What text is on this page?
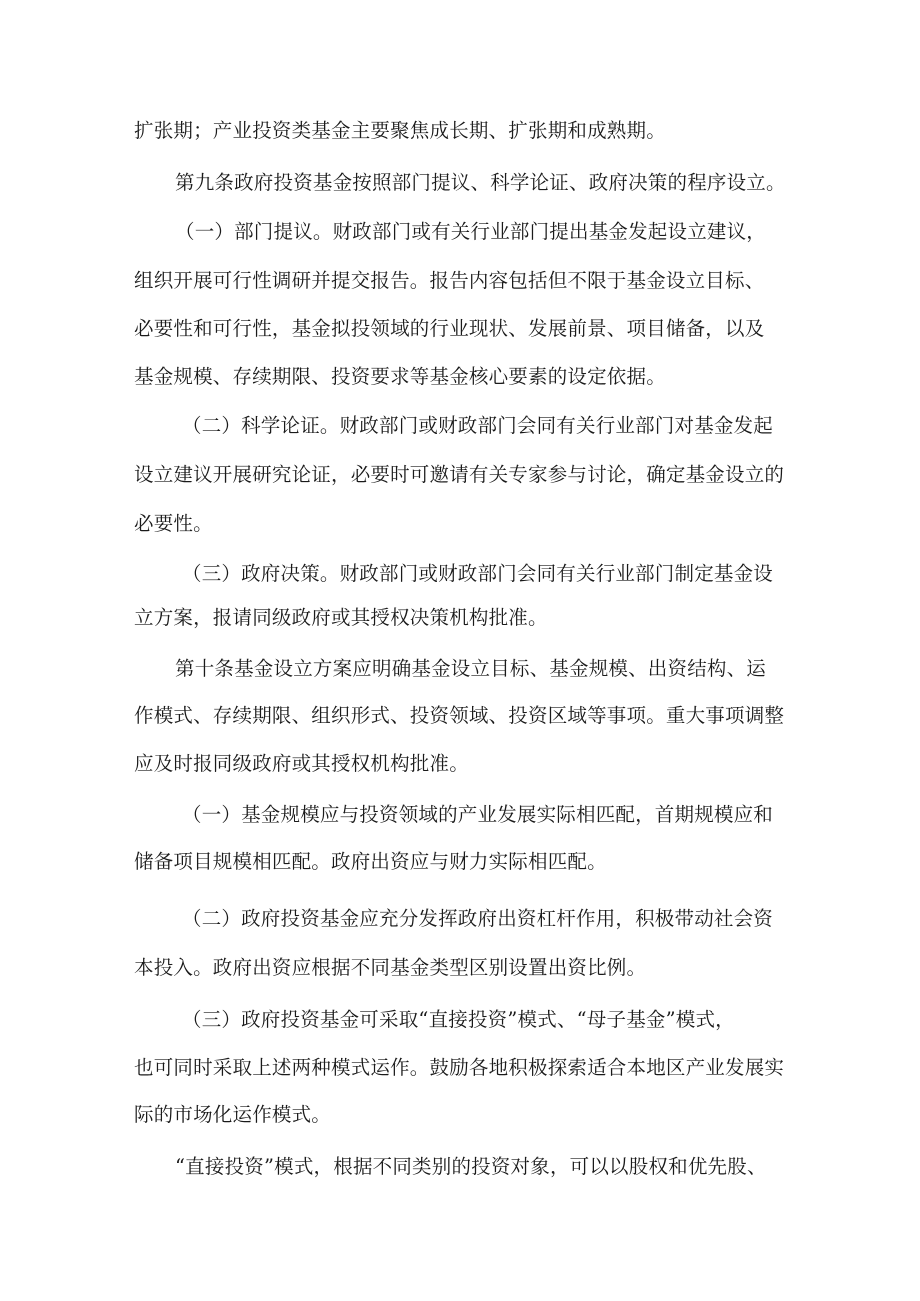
扩张期；产业投资类基金主要聚焦成长期、扩张期和成熟期。
第九条政府投资基金按照部门提议、科学论证、政府决策的程序设立。
（一）部门提议。财政部门或有关行业部门提出基金发起设立建议，
组织开展可行性调研并提交报告。报告内容包括但不限于基金设立目标、
必要性和可行性，基金拟投领域的行业现状、发展前景、项目储备，以及
基金规模、存续期限、投资要求等基金核心要素的设定依据。
（二）科学论证。财政部门或财政部门会同有关行业部门对基金发起
设立建议开展研究论证，必要时可邀请有关专家参与讨论，确定基金设立的
必要性。
（三）政府决策。财政部门或财政部门会同有关行业部门制定基金设
立方案，报请同级政府或其授权决策机构批准。
第十条基金设立方案应明确基金设立目标、基金规模、出资结构、运
作模式、存续期限、组织形式、投资领域、投资区域等事项。重大事项调整
应及时报同级政府或其授权机构批准。
（一）基金规模应与投资领域的产业发展实际相匹配，首期规模应和
储备项目规模相匹配。政府出资应与财力实际相匹配。
（二）政府投资基金应充分发挥政府出资杠杆作用，积极带动社会资
本投入。政府出资应根据不同基金类型区别设置出资比例。
（三）政府投资基金可采取“直接投资”模式、“母子基金”模式，
也可同时采取上述两种模式运作。鼓励各地积极探索适合本地区产业发展实
际的市场化运作模式。
“直接投资”模式，根据不同类别的投资对象，可以以股权和优先股、
